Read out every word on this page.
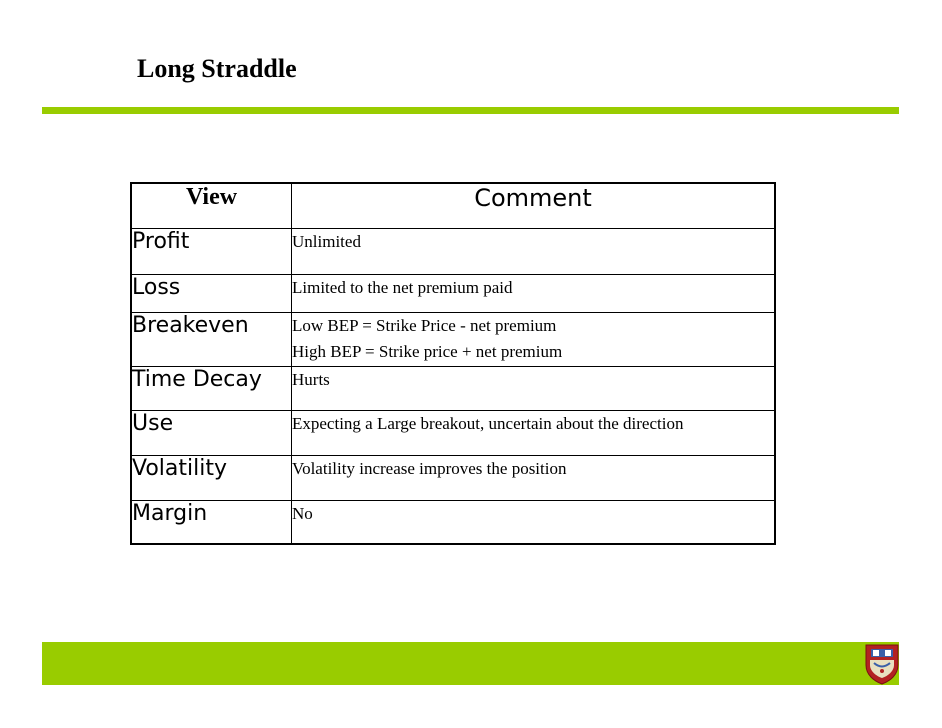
Long Straddle
View	Comment
Profit	Unlimited

Loss	Limited to the net premium paid

Breakeven	Low BEP = Strike Price - net premium
High BEP = Strike price + net premium

Time Decay	Hurts

Use	Expecting a Large breakout, uncertain about the direction

Volatility	Volatility increase improves the position

Margin	No
